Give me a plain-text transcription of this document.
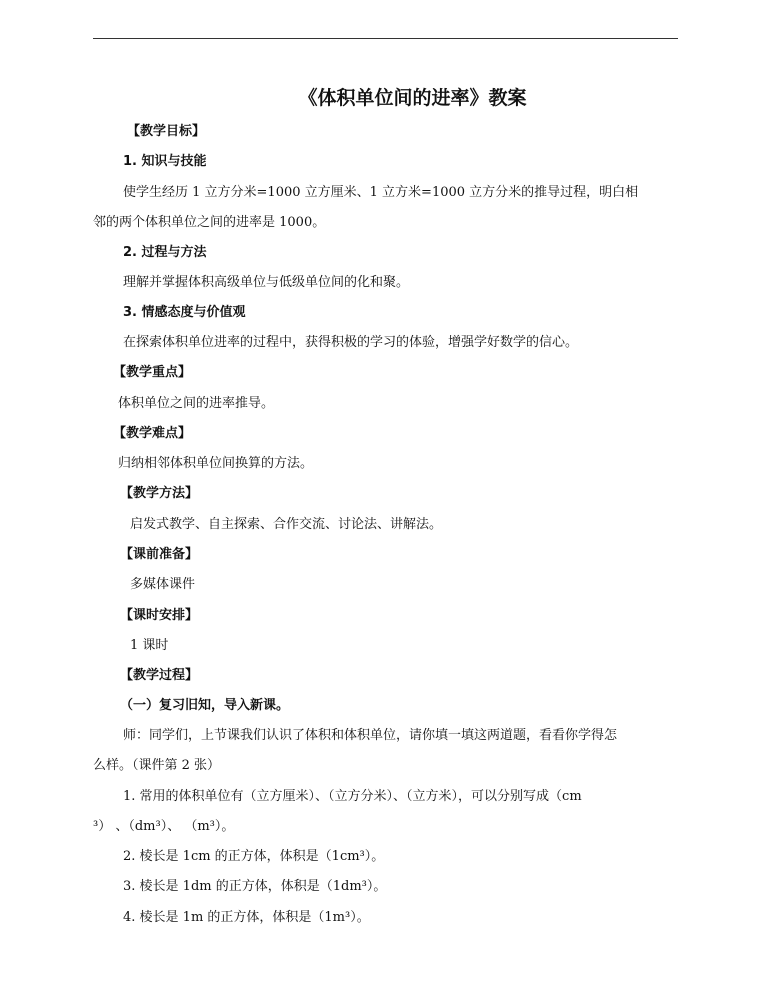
《体积单位间的进率》教案
【教学目标】
1. 知识与技能
使学生经历 1 立方分米=1000 立方厘米、1 立方米=1000 立方分米的推导过程，明白相
邻的两个体积单位之间的进率是 1000。
2. 过程与方法
理解并掌握体积高级单位与低级单位间的化和聚。
3. 情感态度与价值观
在探索体积单位进率的过程中，获得积极的学习的体验，增强学好数学的信心。
【教学重点】
体积单位之间的进率推导。
【教学难点】
归纳相邻体积单位间换算的方法。
【教学方法】
启发式教学、自主探索、合作交流、讨论法、讲解法。
【课前准备】
多媒体课件
【课时安排】
1 课时
【教学过程】
（一）复习旧知，导入新课。
师：同学们，上节课我们认识了体积和体积单位，请你填一填这两道题，看看你学得怎
么样。（课件第 2 张）
1. 常用的体积单位有（立方厘米）、（立方分米）、（立方米），可以分别写成（cm
³） 、（dm³）、 （m³）。
2. 棱长是 1cm 的正方体，体积是（1cm³）。
3. 棱长是 1dm 的正方体，体积是（1dm³）。
4. 棱长是 1m 的正方体，体积是（1m³）。
